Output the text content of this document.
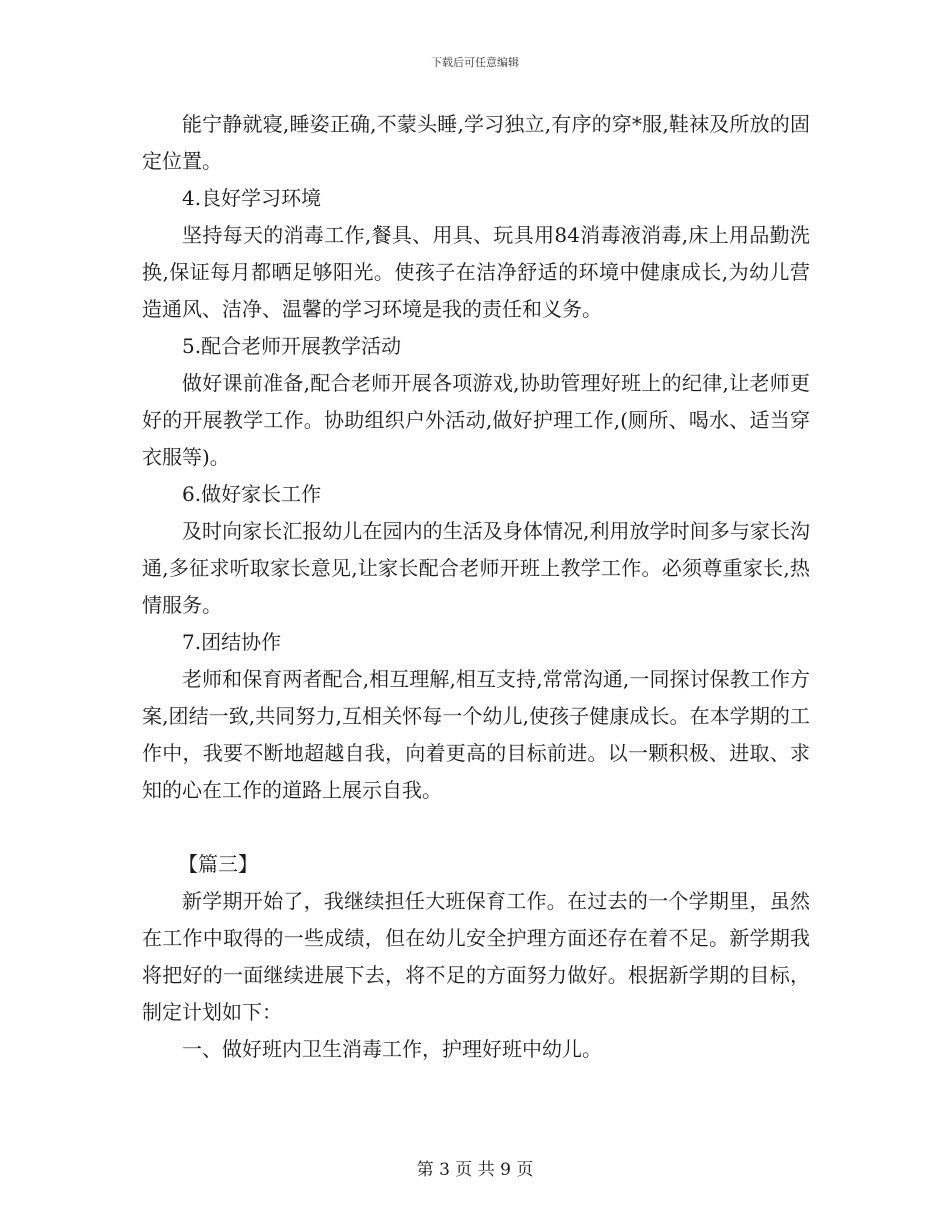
下载后可任意编辑

能宁静就寝,睡姿正确,不蒙头睡,学习独立,有序的穿*服,鞋袜及所放的固定位置。

4.良好学习环境

坚持每天的消毒工作,餐具、用具、玩具用84消毒液消毒,床上用品勤洗换,保证每月都晒足够阳光。使孩子在洁净舒适的环境中健康成长,为幼儿营造通风、洁净、温馨的学习环境是我的责任和义务。

5.配合老师开展教学活动

做好课前准备,配合老师开展各项游戏,协助管理好班上的纪律,让老师更好的开展教学工作。协助组织户外活动,做好护理工作,(厕所、喝水、适当穿衣服等)。

6.做好家长工作

及时向家长汇报幼儿在园内的生活及身体情况,利用放学时间多与家长沟通,多征求听取家长意见,让家长配合老师开班上教学工作。必须尊重家长,热情服务。

7.团结协作

老师和保育两者配合,相互理解,相互支持,常常沟通,一同探讨保教工作方案,团结一致,共同努力,互相关怀每一个幼儿,使孩子健康成长。在本学期的工作中，我要不断地超越自我，向着更高的目标前进。以一颗积极、进取、求知的心在工作的道路上展示自我。

【篇三】

新学期开始了，我继续担任大班保育工作。在过去的一个学期里，虽然在工作中取得的一些成绩，但在幼儿安全护理方面还存在着不足。新学期我将把好的一面继续进展下去，将不足的方面努力做好。根据新学期的目标，制定计划如下：

一、做好班内卫生消毒工作，护理好班中幼儿。

第 3 页 共 9 页
